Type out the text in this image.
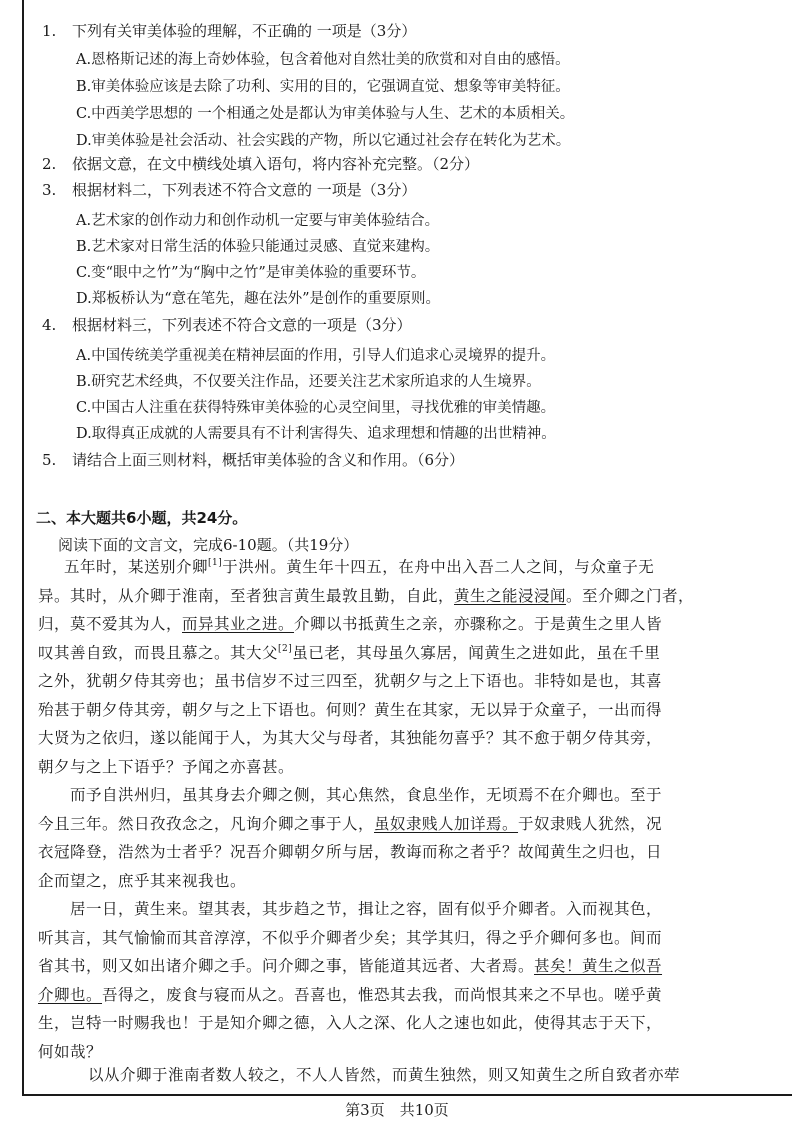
1. 下列有关审美体验的理解，不正确的 一项是（3分）
A.恩格斯记述的海上奇妙体验，包含着他对自然壮美的欣赏和对自由的感悟。
B.审美体验应该是去除了功利、实用的目的，它强调直觉、想象等审美特征。
C.中西美学思想的 一个相通之处是都认为审美体验与人生、艺术的本质相关。
D.审美体验是社会活动、社会实践的产物，所以它通过社会存在转化为艺术。
2. 依据文意，在文中横线处填入语句，将内容补充完整。（2分）
3. 根据材料二，下列表述不符合文意的 一项是（3分）
A.艺术家的创作动力和创作动机一定要与审美体验结合。
B.艺术家对日常生活的体验只能通过灵感、直觉来建构。
C.变“眼中之竹”为“胸中之竹”是审美体验的重要环节。
D.郑板桥认为“意在笔先，趣在法外”是创作的重要原则。
4. 根据材料三，下列表述不符合文意的一项是（3分）
A.中国传统美学重视美在精神层面的作用，引导人们追求心灵境界的提升。
B.研究艺术经典，不仅要关注作品，还要关注艺术家所追求的人生境界。
C.中国古人注重在获得特殊审美体验的心灵空间里，寻找优雅的审美情趣。
D.取得真正成就的人需要具有不计利害得失、追求理想和情趣的出世精神。
5. 请结合上面三则材料，概括审美体验的含义和作用。（6分）
二、本大题共6小题，共24分。
阅读下面的文言文，完成6-10题。（共19分）
五年时，某送别介卿[1]于洪州。黄生年十四五，在舟中出入吾二人之间，与众童子无
异。其时，从介卿于淮南，至者独言黄生最敦且勤，自此，黄生之能浸浸闻。至介卿之门者，
归，莫不爱其为人，而异其业之进。介卿以书抵黄生之亲，亦骤称之。于是黄生之里人皆
叹其善自致，而畏且慕之。其大父[2]虽已老，其母虽久寡居，闻黄生之进如此，虽在千里
之外，犹朝夕侍其旁也；虽书信岁不过三四至，犹朝夕与之上下语也。非特如是也，其喜
殆甚于朝夕侍其旁，朝夕与之上下语也。何则？黄生在其家，无以异于众童子，一出而得
大贤为之依归，遂以能闻于人，为其大父与母者，其独能勿喜乎？其不愈于朝夕侍其旁，
朝夕与之上下语乎？予闻之亦喜甚。
而予自洪州归，虽其身去介卿之侧，其心焦然，食息坐作，无顷焉不在介卿也。至于
今且三年。然日孜孜念之，凡询介卿之事于人，虽奴隶贱人加详焉。于奴隶贱人犹然，况
衣冠降登，浩然为士者乎？况吾介卿朝夕所与居，教诲而称之者乎？故闻黄生之归也，日
企而望之，庶乎其来视我也。
居一日，黄生来。望其表，其步趋之节，揖让之容，固有似乎介卿者。入而视其色，
听其言，其气愉愉而其音淳淳，不似乎介卿者少矣；其学其归，得之乎介卿何多也。间而
省其书，则又如出诸介卿之手。问介卿之事，皆能道其远者、大者焉。甚矣！黄生之似吾
介卿也。吾得之，废食与寝而从之。吾喜也，惟恐其去我，而尚恨其来之不早也。嗟乎黄
生，岂特一时赐我也！于是知介卿之德，入人之深、化人之速也如此，使得其志于天下，
何如哉？
以从介卿于淮南者数人较之，不人人皆然，而黄生独然，则又知黄生之所自致者亦荦
第3页　共10页
